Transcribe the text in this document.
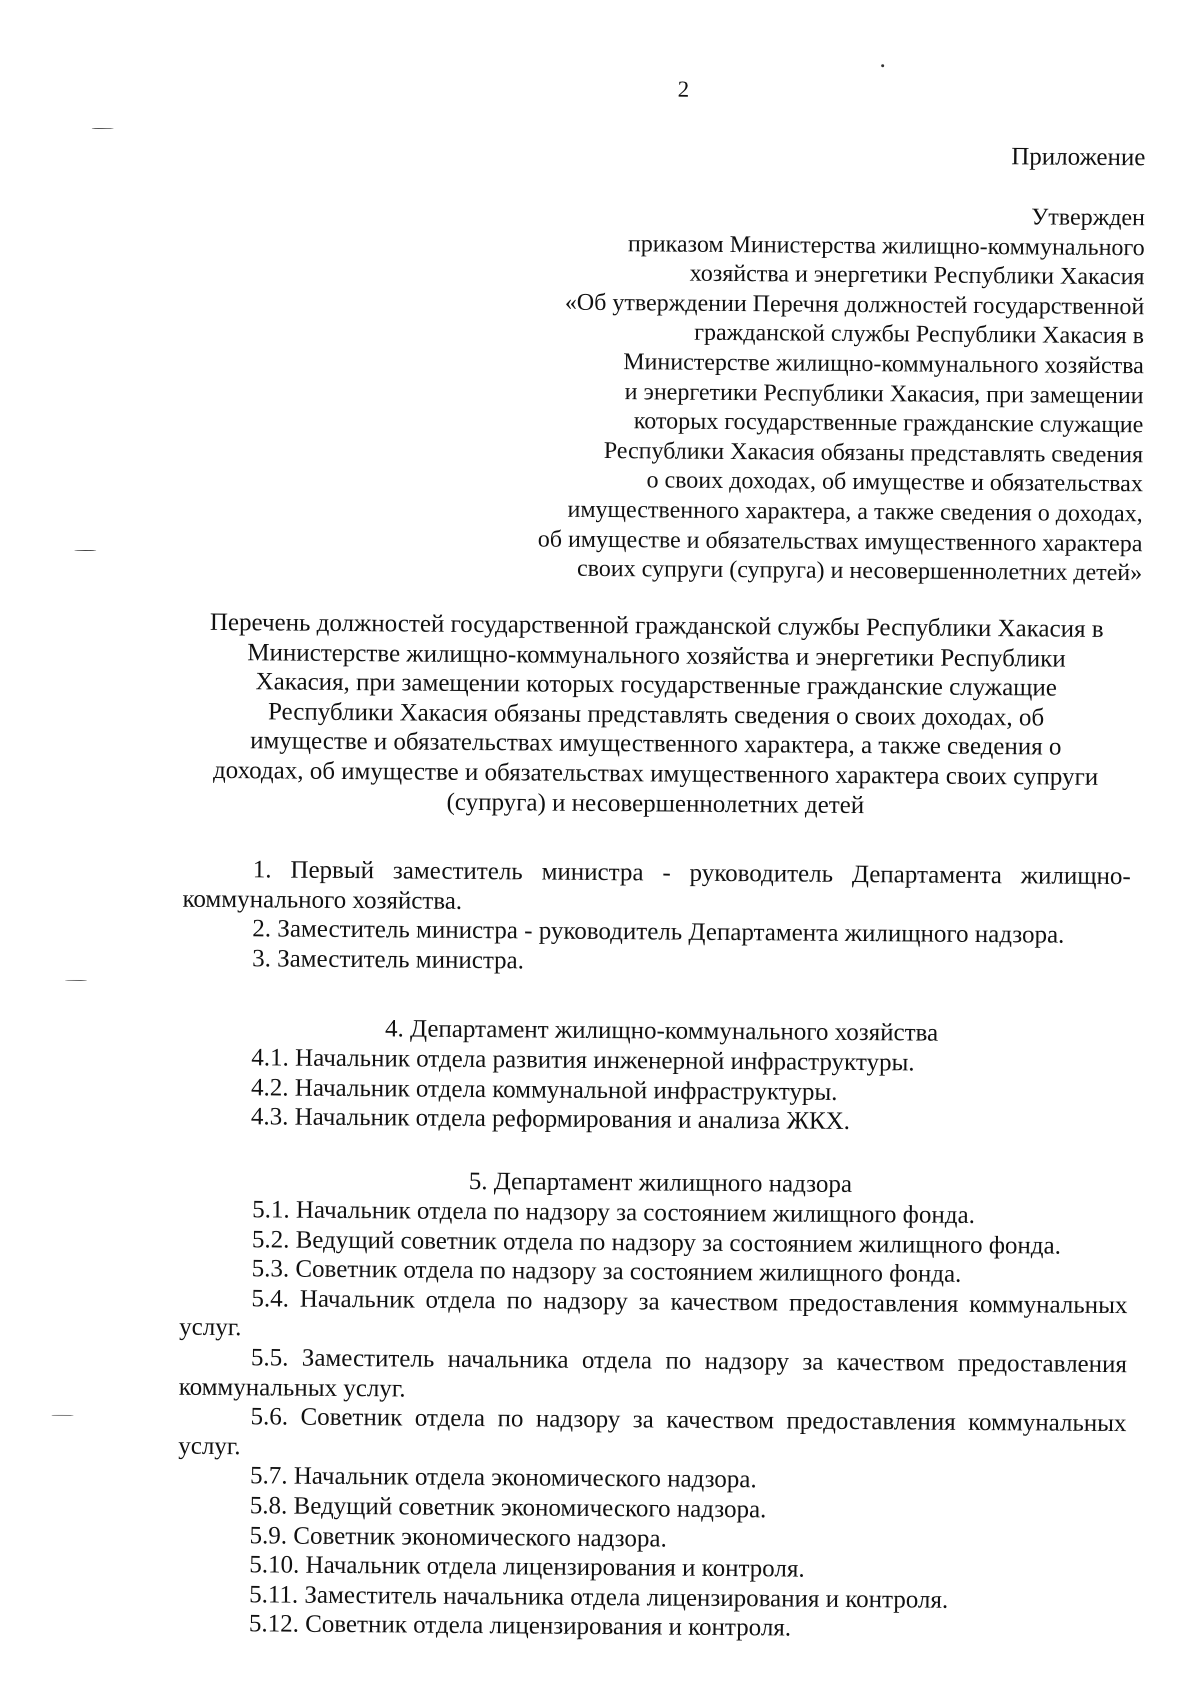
2
Приложение
Утвержден
приказом Министерства жилищно-коммунального
хозяйства и энергетики Республики Хакасия
«Об утверждении Перечня должностей государственной
гражданской службы Республики Хакасия в
Министерстве жилищно-коммунального хозяйства
и энергетики Республики Хакасия, при замещении
которых государственные гражданские служащие
Республики Хакасия обязаны представлять сведения
о своих доходах, об имуществе и обязательствах
имущественного характера, а также сведения о доходах,
об имуществе и обязательствах имущественного характера
своих супруги (супруга) и несовершеннолетних детей»
Перечень должностей государственной гражданской службы Республики Хакасия в
Министерстве жилищно-коммунального хозяйства и энергетики Республики
Хакасия, при замещении которых государственные гражданские служащие
Республики Хакасия обязаны представлять сведения о своих доходах, об
имуществе и обязательствах имущественного характера, а также сведения о
доходах, об имуществе и обязательствах имущественного характера своих супруги
(супруга) и несовершеннолетних детей
1. Первый заместитель министра - руководитель Департамента жилищно-коммунального хозяйства.
2. Заместитель министра - руководитель Департамента жилищного надзора.
3. Заместитель министра.
4. Департамент жилищно-коммунального хозяйства
4.1. Начальник отдела развития инженерной инфраструктуры.
4.2. Начальник отдела коммунальной инфраструктуры.
4.3. Начальник отдела реформирования и анализа ЖКХ.
5. Департамент жилищного надзора
5.1. Начальник отдела по надзору за состоянием жилищного фонда.
5.2. Ведущий советник отдела по надзору за состоянием жилищного фонда.
5.3. Советник отдела по надзору за состоянием жилищного фонда.
5.4. Начальник отдела по надзору за качеством предоставления коммунальных услуг.
5.5. Заместитель начальника отдела по надзору за качеством предоставления коммунальных услуг.
5.6. Советник отдела по надзору за качеством предоставления коммунальных услуг.
5.7. Начальник отдела экономического надзора.
5.8. Ведущий советник экономического надзора.
5.9. Советник экономического надзора.
5.10. Начальник отдела лицензирования и контроля.
5.11. Заместитель начальника отдела лицензирования и контроля.
5.12. Советник отдела лицензирования и контроля.
